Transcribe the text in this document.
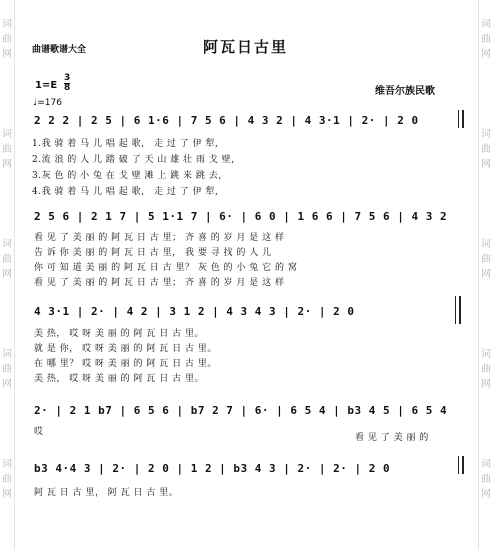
词
曲
网
词
曲
网
词
曲
网
词
曲
网
词
曲
网
词
曲
网
词
曲
网
词
曲
网
词
曲
网
词
曲
网
曲谱歌谱大全	阿瓦日古里
维吾尔族民歌
1=E
3
8
♩=176
2 2 2 | 2 5 | 6 1·6 | 7 5 6 | 4 3 2 | 4 3·1 | 2· | 2 0
1.我 骑 着 马 儿 唱 起 歌， 走 过 了 伊 犁，
2.流 浪 的 人 儿 踏 破 了 天 山 雄 壮 雨 戈 壁，
3.灰 色 的 小 兔 在 戈 壁 滩 上 跳 来 跳 去，
4.我 骑 着 马 儿 唱 起 歌， 走 过 了 伊 犁，
2 5 6 | 2 1 7 | 5 1·1 7 | 6· | 6 0 | 1 6 6 | 7 5 6 | 4 3 2
看 见 了 美 丽 的 阿 瓦 日 古 里； 齐 喜 的 岁 月 是 这 样
告 诉 你 美 丽 的 阿 瓦 日 古 里， 我 要 寻 找 的 人 儿
你 可 知 道 美 丽 的 阿 瓦 日 古 里？ 灰 色 的 小 兔 它 的 窝
看 见 了 美 丽 的 阿 瓦 日 古 里； 齐 喜 的 岁 月 是 这 样
4 3·1 | 2· | 4 2 | 3 1 2 | 4 3 4 3 | 2· | 2 0
美 热， 哎 呀 美 丽 的 阿 瓦 日 古 里。
就 是 你， 哎 呀 美 丽 的 阿 瓦 日 古 里。
在 哪 里？ 哎 呀 美 丽 的 阿 瓦 日 古 里。
美 热， 哎 呀 美 丽 的 阿 瓦 日 古 里。
2· | 2 1 b7 | 6 5 6 | b7 2 7 | 6· | 6 5 4 | b3 4 5 | 6 5 4
哎
看 见 了 美 丽 的
b3 4·4 3 | 2· | 2 0 | 1 2 | b3 4 3 | 2· | 2· | 2 0
阿 瓦 日 古 里， 阿 瓦 日 古 里。
